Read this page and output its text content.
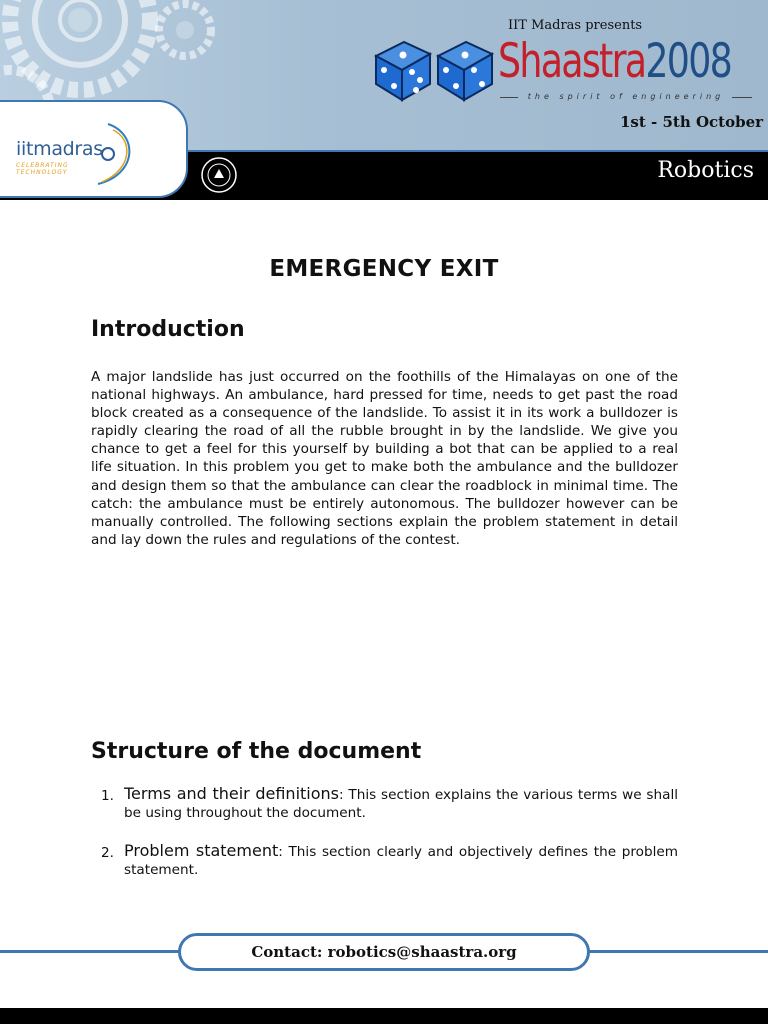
iitmadras
CELEBRATING TECHNOLOGY
IIT Madras presents
Shaastra2008
the spirit of engineering
1st - 5th October
Robotics
EMERGENCY EXIT
Introduction

A major landslide has just occurred on the foothills of the Himalayas on one of the national highways. An ambulance, hard pressed for time, needs to get past the road block created as a consequence of the landslide. To assist it in its work a bulldozer is rapidly clearing the road of all the rubble brought in by the landslide. We give you chance to get a feel for this yourself by building a bot that can be applied to a real life situation. In this problem you get to make both the ambulance and the bulldozer and design them so that the ambulance can clear the roadblock in minimal time. The catch: the ambulance must be entirely autonomous. The bulldozer however can be manually controlled. The following sections explain the problem statement in detail and lay down the rules and regulations of the contest.

Structure of the document
1. Terms and their definitions: This section explains the various terms we shall be using throughout the document.
2. Problem statement: This section clearly and objectively defines the problem statement.
Contact: robotics@shaastra.org
